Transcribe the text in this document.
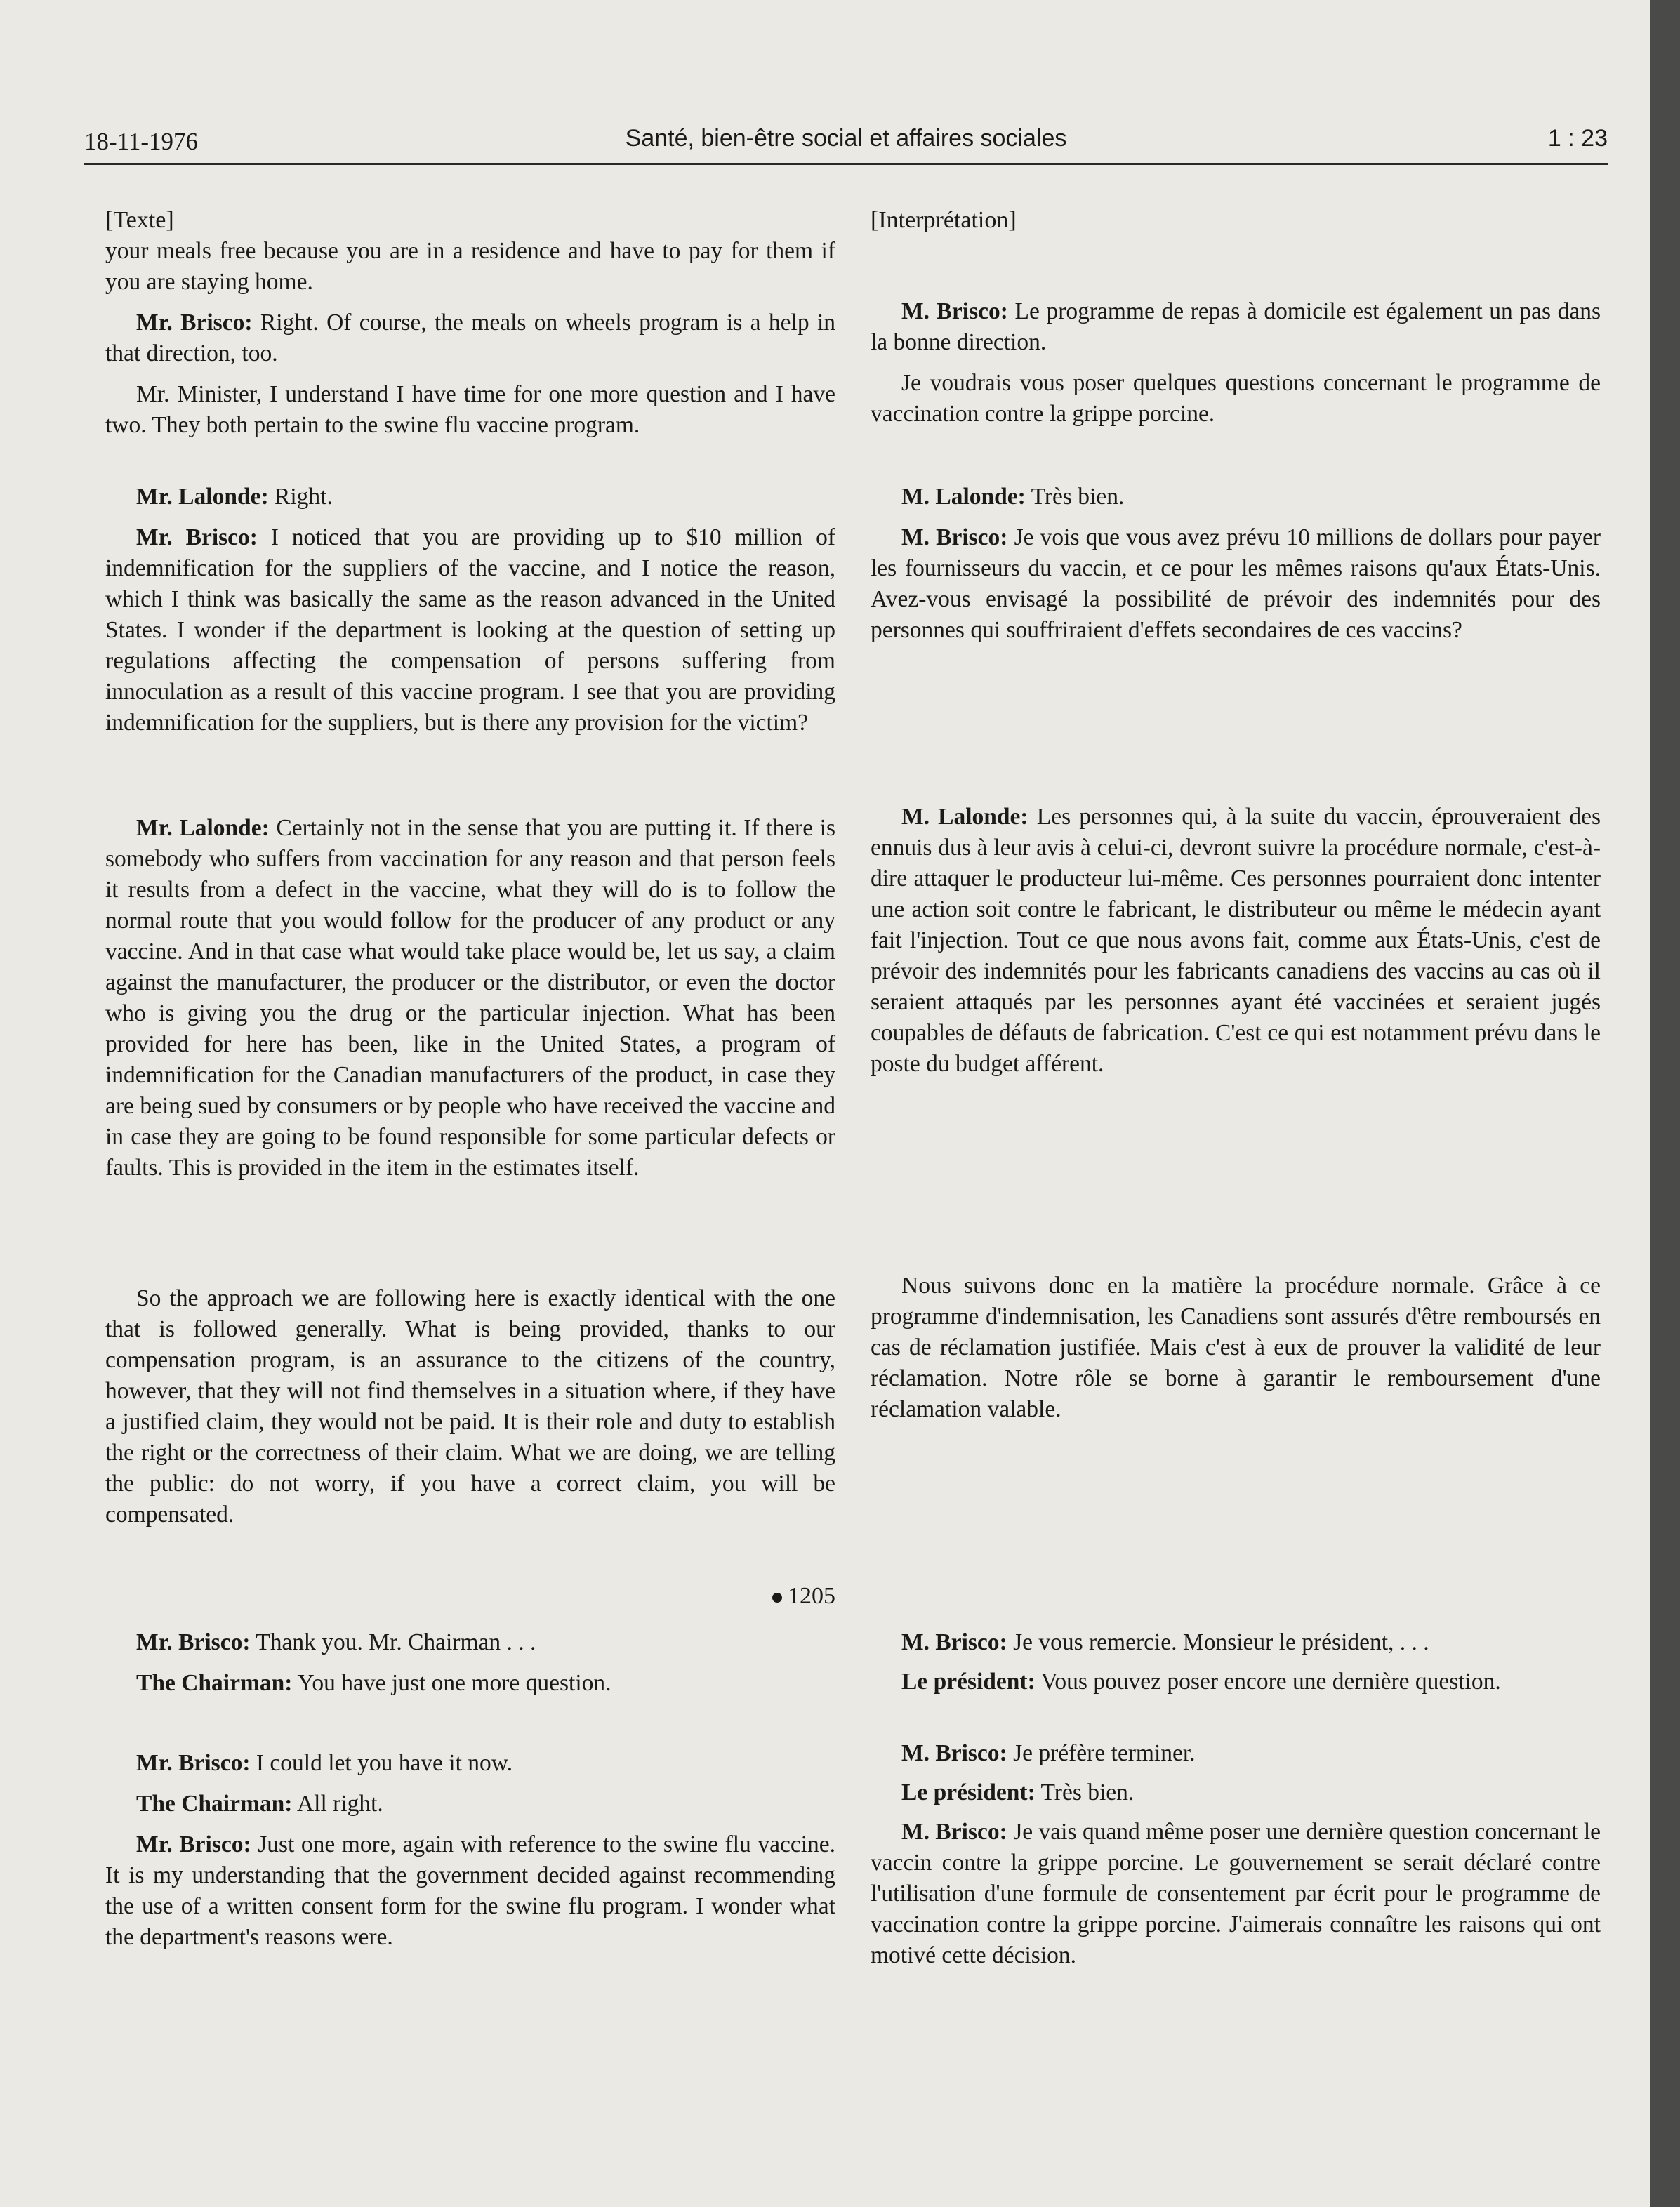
18-11-1976	Santé, bien-être social et affaires sociales	1 : 23
[Texte]

your meals free because you are in a residence and have to pay for them if you are staying home.

Mr. Brisco: Right. Of course, the meals on wheels program is a help in that direction, too.

Mr. Minister, I understand I have time for one more question and I have two. They both pertain to the swine flu vaccine program.

Mr. Lalonde: Right.

Mr. Brisco: I noticed that you are providing up to $10 million of indemnification for the suppliers of the vaccine, and I notice the reason, which I think was basically the same as the reason advanced in the United States. I wonder if the department is looking at the question of setting up regulations affecting the compensation of persons suffering from innoculation as a result of this vaccine program. I see that you are providing indemnification for the suppliers, but is there any provision for the victim?

Mr. Lalonde: Certainly not in the sense that you are putting it. If there is somebody who suffers from vaccination for any reason and that person feels it results from a defect in the vaccine, what they will do is to follow the normal route that you would follow for the producer of any product or any vaccine. And in that case what would take place would be, let us say, a claim against the manufacturer, the producer or the distributor, or even the doctor who is giving you the drug or the particular injection. What has been provided for here has been, like in the United States, a program of indemnification for the Canadian manufacturers of the product, in case they are being sued by consumers or by people who have received the vaccine and in case they are going to be found responsible for some particular defects or faults. This is provided in the item in the estimates itself.

So the approach we are following here is exactly identical with the one that is followed generally. What is being provided, thanks to our compensation program, is an assurance to the citizens of the country, however, that they will not find themselves in a situation where, if they have a justified claim, they would not be paid. It is their role and duty to establish the right or the correctness of their claim. What we are doing, we are telling the public: do not worry, if you have a correct claim, you will be compensated.

1205

Mr. Brisco: Thank you. Mr. Chairman . . .

The Chairman: You have just one more question.

Mr. Brisco: I could let you have it now.

The Chairman: All right.

Mr. Brisco: Just one more, again with reference to the swine flu vaccine. It is my understanding that the government decided against recommending the use of a written consent form for the swine flu program. I wonder what the department's reasons were.

[Interprétation]

M. Brisco: Le programme de repas à domicile est également un pas dans la bonne direction.

Je voudrais vous poser quelques questions concernant le programme de vaccination contre la grippe porcine.

M. Lalonde: Très bien.

M. Brisco: Je vois que vous avez prévu 10 millions de dollars pour payer les fournisseurs du vaccin, et ce pour les mêmes raisons qu'aux États-Unis. Avez-vous envisagé la possibilité de prévoir des indemnités pour des personnes qui souffriraient d'effets secondaires de ces vaccins?

M. Lalonde: Les personnes qui, à la suite du vaccin, éprouveraient des ennuis dus à leur avis à celui-ci, devront suivre la procédure normale, c'est-à-dire attaquer le producteur lui-même. Ces personnes pourraient donc intenter une action soit contre le fabricant, le distributeur ou même le médecin ayant fait l'injection. Tout ce que nous avons fait, comme aux États-Unis, c'est de prévoir des indemnités pour les fabricants canadiens des vaccins au cas où il seraient attaqués par les personnes ayant été vaccinées et seraient jugés coupables de défauts de fabrication. C'est ce qui est notamment prévu dans le poste du budget afférent.

Nous suivons donc en la matière la procédure normale. Grâce à ce programme d'indemnisation, les Canadiens sont assurés d'être remboursés en cas de réclamation justifiée. Mais c'est à eux de prouver la validité de leur réclamation. Notre rôle se borne à garantir le remboursement d'une réclamation valable.

M. Brisco: Je vous remercie. Monsieur le président, . . .

Le président: Vous pouvez poser encore une dernière question.

M. Brisco: Je préfère terminer.

Le président: Très bien.

M. Brisco: Je vais quand même poser une dernière question concernant le vaccin contre la grippe porcine. Le gouvernement se serait déclaré contre l'utilisation d'une formule de consentement par écrit pour le programme de vaccination contre la grippe porcine. J'aimerais connaître les raisons qui ont motivé cette décision.
